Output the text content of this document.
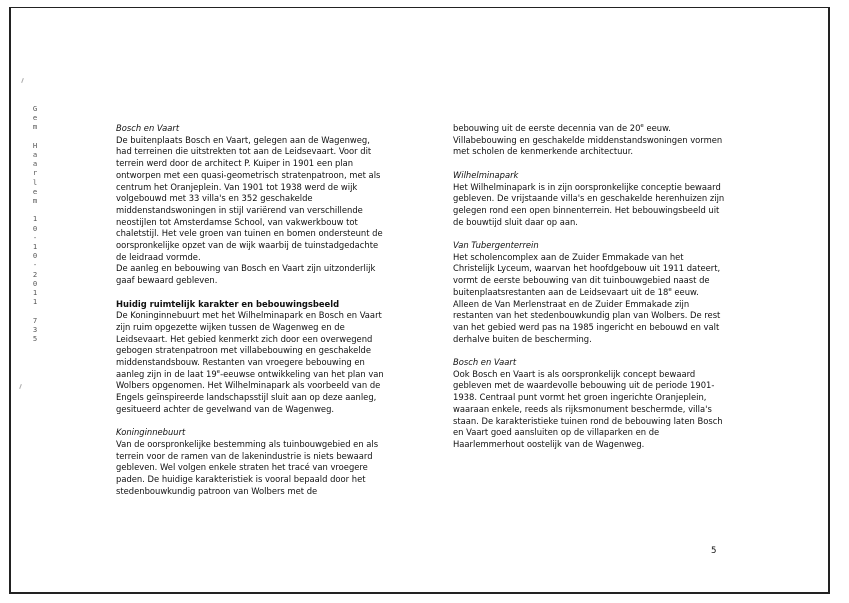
G
e
m

H
a
a
r
l
e
m

1
0
-
1
0
-
2
0
1
1

7
3
5

Bosch en Vaart

De buitenplaats Bosch en Vaart, gelegen aan de Wagenweg, had terreinen die uitstrekten tot aan de Leidsevaart. Voor dit terrein werd door de architect P. Kuiper in 1901 een plan ontworpen met een quasi-geometrisch stratenpatroon, met als centrum het Oranjeplein. Van 1901 tot 1938 werd de wijk volgebouwd met 33 villa's en 352 geschakelde middenstandswoningen in stijl variërend van verschillende neostijlen tot Amsterdamse School, van vakwerkbouw tot chaletstijl. Het vele groen van tuinen en bomen ondersteunt de oorspronkelijke opzet van de wijk waarbij de tuinstadgedachte de leidraad vormde.

De aanleg en bebouwing van Bosch en Vaart zijn uitzonderlijk gaaf bewaard gebleven.

Huidig ruimtelijk karakter en bebouwingsbeeld

De Koninginnebuurt met het Wilhelminapark en Bosch en Vaart zijn ruim opgezette wijken tussen de Wagenweg en de Leidsevaart. Het gebied kenmerkt zich door een overwegend gebogen stratenpatroon met villabebouwing en geschakelde middenstandsbouw. Restanten van vroegere bebouwing en aanleg zijn in de laat 19e-eeuwse ontwikkeling van het plan van Wolbers opgenomen. Het Wilhelminapark als voorbeeld van de Engels geïnspireerde landschapsstijl sluit aan op deze aanleg, gesitueerd achter de gevelwand van de Wagenweg.

Koninginnebuurt

Van de oorspronkelijke bestemming als tuinbouwgebied en als terrein voor de ramen van de lakenindustrie is niets bewaard gebleven. Wel volgen enkele straten het tracé van vroegere paden. De huidige karakteristiek is vooral bepaald door het stedenbouwkundig patroon van Wolbers met de

bebouwing uit de eerste decennia van de 20e eeuw. Villabebouwing en geschakelde middenstandswoningen vormen met scholen de kenmerkende architectuur.

Wilhelminapark

Het Wilhelminapark is in zijn oorspronkelijke conceptie bewaard gebleven. De vrijstaande villa's en geschakelde herenhuizen zijn gelegen rond een open binnenterrein. Het bebouwingsbeeld uit de bouwtijd sluit daar op aan.

Van Tubergenterrein

Het scholencomplex aan de Zuider Emmakade van het Christelijk Lyceum, waarvan het hoofdgebouw uit 1911 dateert, vormt de eerste bebouwing van dit tuinbouwgebied naast de buitenplaatsrestanten aan de Leidsevaart uit de 18e eeuw. Alleen de Van Merlenstraat en de Zuider Emmakade zijn restanten van het stedenbouwkundig plan van Wolbers. De rest van het gebied werd pas na 1985 ingericht en bebouwd en valt derhalve buiten de bescherming.

Bosch en Vaart

Ook Bosch en Vaart is als oorspronkelijk concept bewaard gebleven met de waardevolle bebouwing uit de periode 1901-1938. Centraal punt vormt het groen ingerichte Oranjeplein, waaraan enkele, reeds als rijksmonument beschermde, villa's staan. De karakteristieke tuinen rond de bebouwing laten Bosch en Vaart goed aansluiten op de villaparken en de Haarlemmerhout oostelijk van de Wagenweg.

5
